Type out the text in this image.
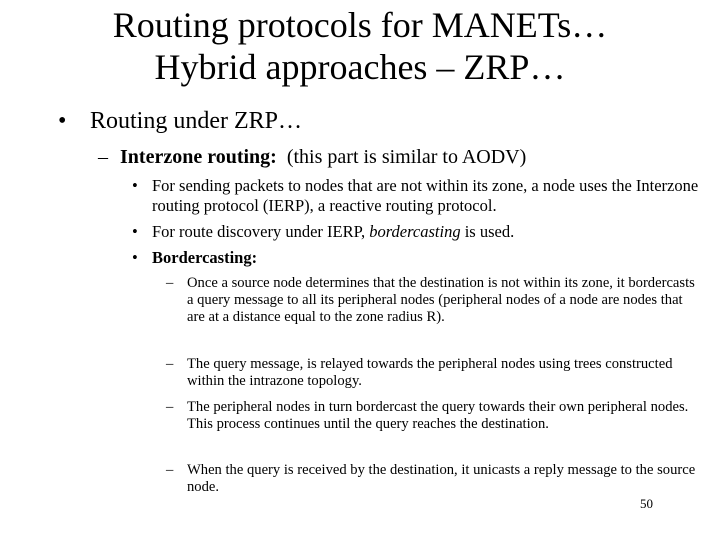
Routing protocols for MANETs…
Hybrid approaches – ZRP…
• Routing under ZRP…
– Interzone routing:  (this part is similar to AODV)
• For sending packets to nodes that are not within its zone, a node uses the Interzone routing protocol (IERP), a reactive routing protocol.
• For route discovery under IERP, bordercasting is used.
• Bordercasting:
– Once a source node determines that the destination is not within its zone, it bordercasts a query message to all its peripheral nodes (peripheral nodes of a node are nodes that are at a distance equal to the zone radius R).
– The query message, is relayed towards the peripheral nodes using trees constructed within the intrazone topology.
– The peripheral nodes in turn bordercast the query towards their own peripheral nodes. This process continues until the query reaches the destination.
– When the query is received by the destination, it unicasts a reply message to the source node.
50
